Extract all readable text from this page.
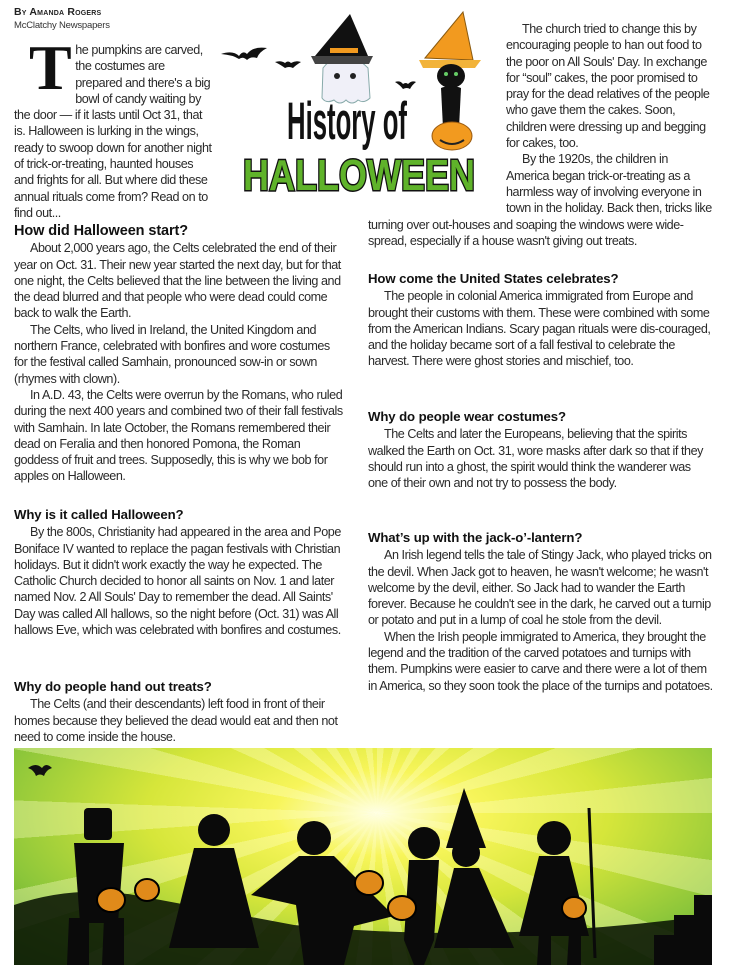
By Amanda Rogers
McClatchy Newspapers
T he pumpkins are carved, the costumes are prepared and there's a big bowl of candy waiting by the door — if it lasts until Oct 31, that is. Halloween is lurking in the wings, ready to swoop down for another night of trick-or-treating, haunted houses and frights for all. But where did these annual rituals come from? Read on to find out...

History of
HALLOWEEN

The church tried to change this by encouraging people to han out food to the poor on All Souls' Day. In exchange for “soul” cakes, the poor promised to pray for the dead relatives of the people who gave them the cakes. Soon, children were dressing up and begging for cakes, too.

By the 1920s, the children in America began trick-or-treating as a harmless way of involving everyone in town in the holiday. Back then, tricks like turning over out-houses and soaping the windows were wide-spread, especially if a house wasn't giving out treats.

How did Halloween start?

About 2,000 years ago, the Celts celebrated the end of their year on Oct. 31. Their new year started the next day, but for that one night, the Celts believed that the line between the living and the dead blurred and that people who were dead could come back to walk the Earth.

The Celts, who lived in Ireland, the United Kingdom and northern France, celebrated with bonfires and wore costumes for the festival called Samhain, pronounced sow-in or sown (rhymes with clown).

In A.D. 43, the Celts were overrun by the Romans, who ruled during the next 400 years and combined two of their fall festivals with Samhain. In late October, the Romans remembered their dead on Feralia and then honored Pomona, the Roman goddess of fruit and trees. Supposedly, this is why we bob for apples on Halloween.

Why is it called Halloween?

By the 800s, Christianity had appeared in the area and Pope Boniface IV wanted to replace the pagan festivals with Christian holidays. But it didn't work exactly the way he expected. The Catholic Church decided to honor all saints on Nov. 1 and later named Nov. 2 All Souls' Day to remember the dead. All Saints' Day was called All hallows, so the night before (Oct. 31) was All hallows Eve, which was celebrated with bonfires and costumes.

Why do people hand out treats?

The Celts (and their descendants) left food in front of their homes because they believed the dead would eat and then not need to come inside the house.

How come the United States celebrates?

The people in colonial America immigrated from Europe and brought their customs with them. These were combined with some from the American Indians. Scary pagan rituals were dis-couraged, and the holiday became sort of a fall festival to celebrate the harvest. There were ghost stories and mischief, too.

Why do people wear costumes?

The Celts and later the Europeans, believing that the spirits walked the Earth on Oct. 31, wore masks after dark so that if they should run into a ghost, the spirit would think the wanderer was one of their own and not try to possess the body.

What’s up with the jack-o’-lantern?

An Irish legend tells the tale of Stingy Jack, who played tricks on the devil. When Jack got to heaven, he wasn't welcome; he wasn't welcome by the devil, either. So Jack had to wander the Earth forever. Because he couldn't see in the dark, he carved out a turnip or potato and put in a lump of coal he stole from the devil.

When the Irish people immigrated to America, they brought the legend and the tradition of the carved potatoes and turnips with them. Pumpkins were easier to carve and there were a lot of them in America, so they soon took the place of the turnips and potatoes.
